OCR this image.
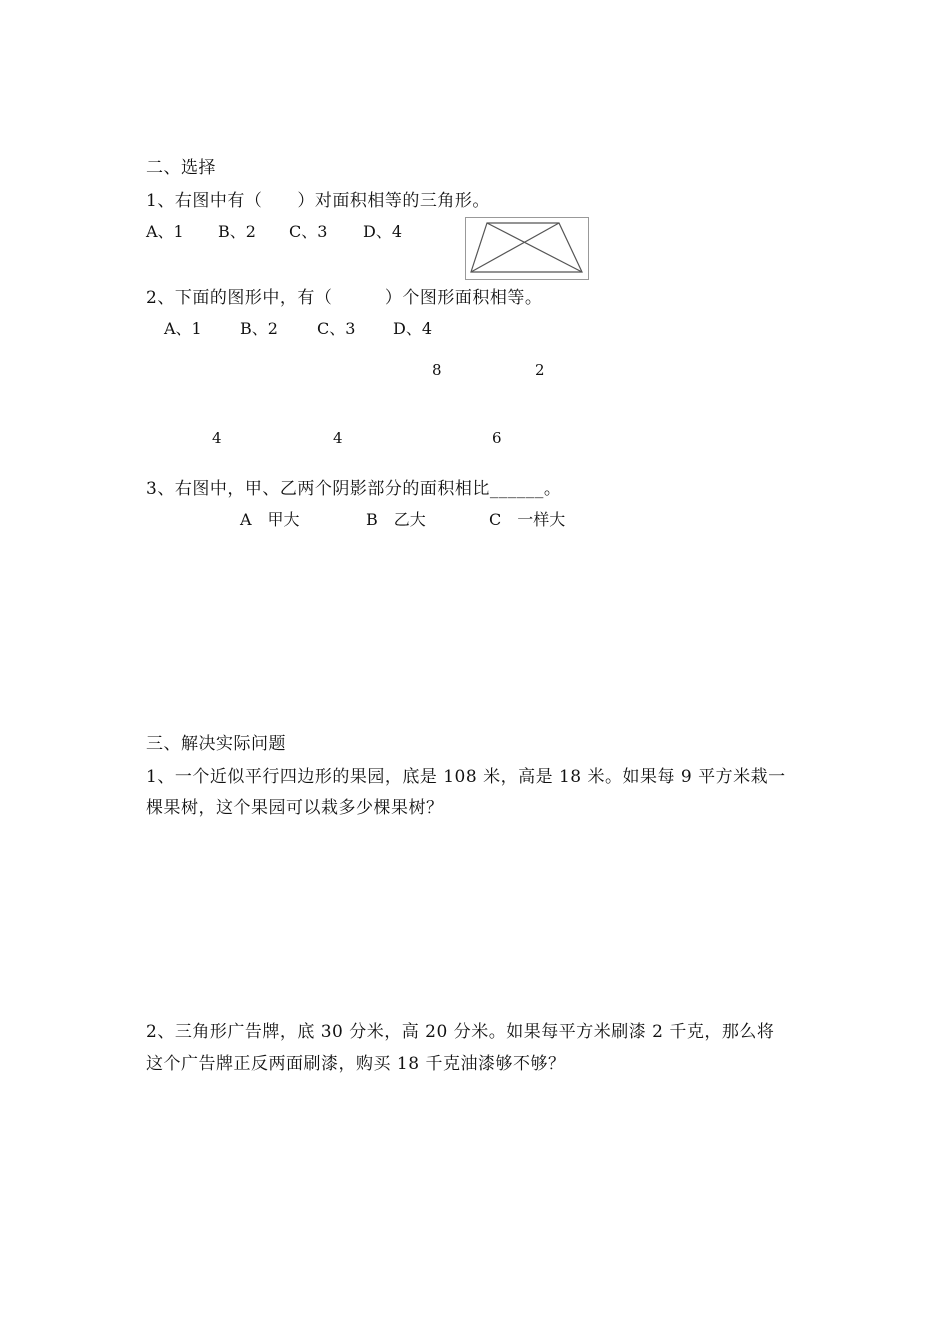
二、选择
1、右图中有（　　）对面积相等的三角形。
A、1 B、2 C、3 D、4
2、下面的图形中，有（　　　）个图形面积相等。
A、1 B、2 C、3 D、4
8	2
4	4	6
3、右图中，甲、乙两个阴影部分的面积相比______。
A　甲大	B　乙大	C　一样大
三、解决实际问题
1、一个近似平行四边形的果园，底是 108 米，高是 18 米。如果每 9 平方米栽一
棵果树，这个果园可以栽多少棵果树？
2、三角形广告牌，底 30 分米，高 20 分米。如果每平方米刷漆 2 千克，那么将
这个广告牌正反两面刷漆，购买 18 千克油漆够不够？
